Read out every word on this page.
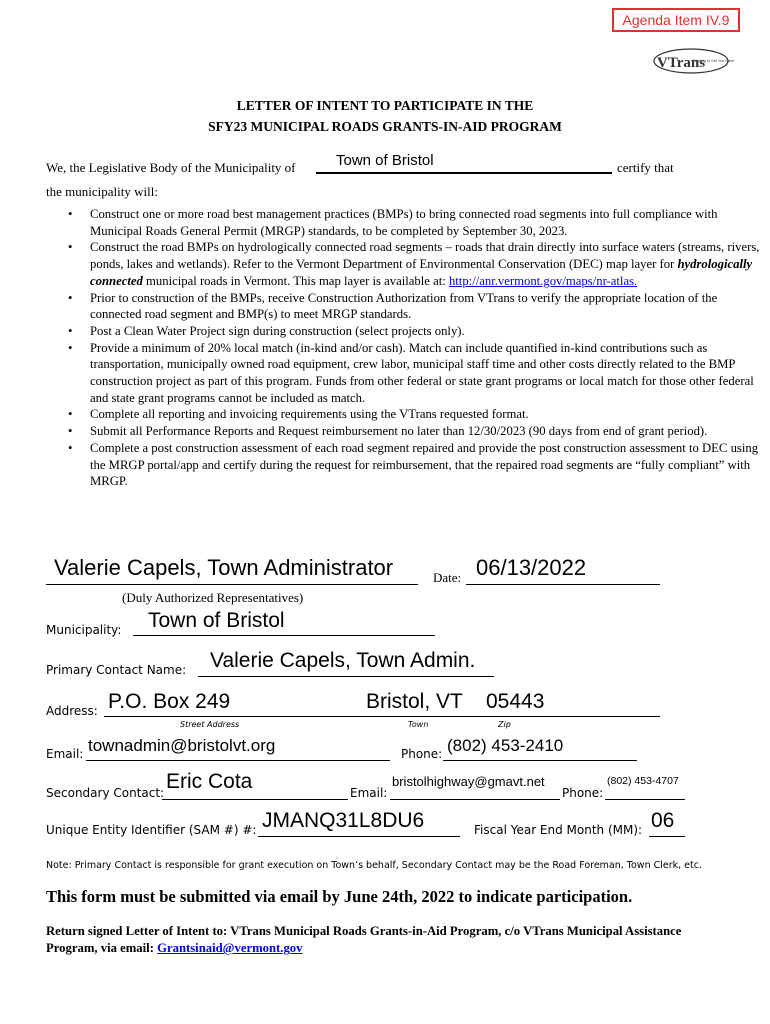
Agenda Item IV.9
VTrans
Working to Get You There
LETTER OF INTENT TO PARTICIPATE IN THE
SFY23 MUNICIPAL ROADS GRANTS-IN-AID PROGRAM
We, the Legislative Body of the Municipality of	Town of Bristol	certify that
the municipality will:
• Construct one or more road best management practices (BMPs) to bring connected road segments into full compliance with Municipal Roads General Permit (MRGP) standards, to be completed by September 30, 2023.
• Construct the road BMPs on hydrologically connected road segments – roads that drain directly into surface waters (streams, rivers, ponds, lakes and wetlands). Refer to the Vermont Department of Environmental Conservation (DEC) map layer for hydrologically connected municipal roads in Vermont. This map layer is available at: http://anr.vermont.gov/maps/nr-atlas.
• Prior to construction of the BMPs, receive Construction Authorization from VTrans to verify the appropriate location of the connected road segment and BMP(s) to meet MRGP standards.
• Post a Clean Water Project sign during construction (select projects only).
• Provide a minimum of 20% local match (in-kind and/or cash). Match can include quantified in-kind contributions such as transportation, municipally owned road equipment, crew labor, municipal staff time and other costs directly related to the BMP construction project as part of this program. Funds from other federal or state grant programs or local match for those other federal and state grant programs cannot be included as match.
• Complete all reporting and invoicing requirements using the VTrans requested format.
• Submit all Performance Reports and Request reimbursement no later than 12/30/2023 (90 days from end of grant period).
• Complete a post construction assessment of each road segment repaired and provide the post construction assessment to DEC using the MRGP portal/app and certify during the request for reimbursement, that the repaired road segments are “fully compliant” with MRGP.
Valerie Capels, Town Administrator	Date: 06/13/2022
(Duly Authorized Representatives)
Municipality: Town of Bristol
Primary Contact Name: Valerie Capels, Town Admin.
Address: P.O. Box 249	Bristol, VT 05443
Street Address	Town	Zip
Email: townadmin@bristolvt.org	Phone: (802) 453-2410
Secondary Contact: Eric Cota	Email:
bristolhighway@gmavt.net
Phone:
(802) 453-4707
Unique Entity Identifier (SAM #) #: JMANQ31L8DU6	Fiscal Year End Month (MM): 06
Note: Primary Contact is responsible for grant execution on Town’s behalf, Secondary Contact may be the Road Foreman, Town Clerk, etc.
This form must be submitted via email by June 24th, 2022 to indicate participation.
Return signed Letter of Intent to: VTrans Municipal Roads Grants-in-Aid Program, c/o VTrans Municipal Assistance Program, via email: Grantsinaid@vermont.gov
